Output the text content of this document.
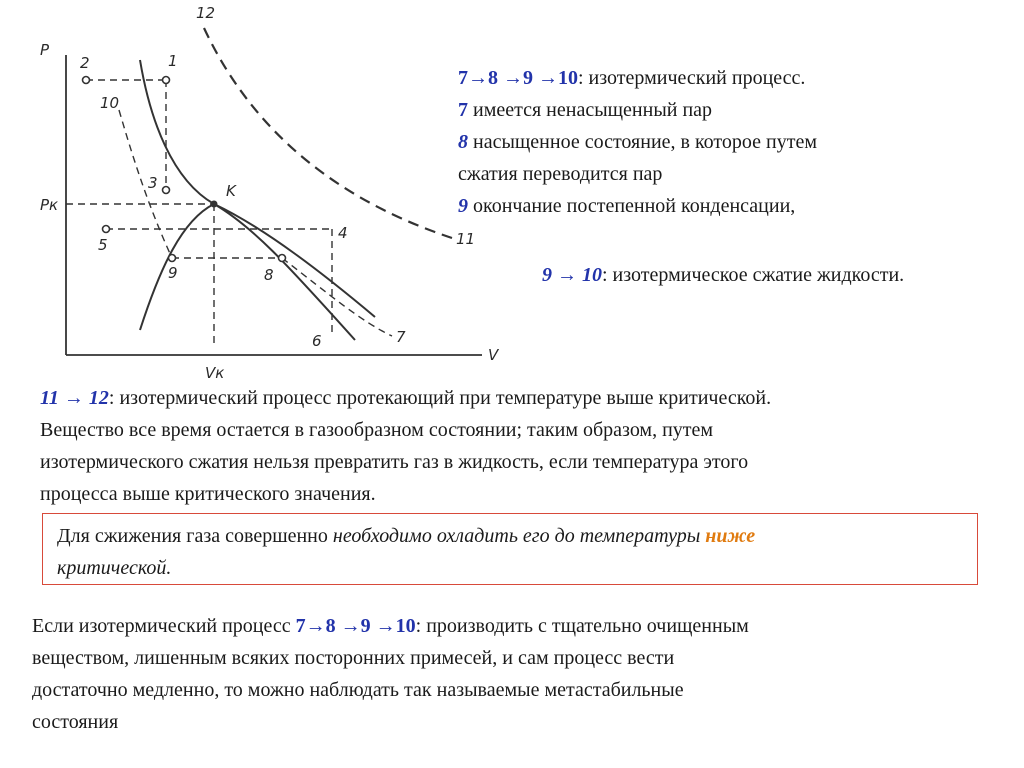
P
V
Pк
Vк
K
1
2
3
4
5
6	7
8
9
10
11
12
7→8 →9 →10: изотермический процесс.
7 имеется ненасыщенный пар
8 насыщенное состояние, в которое путем
сжатия переводится пар
9 окончание постепенной конденсации,
9 → 10: изотермическое сжатие жидкости.
11 → 12: изотермический процесс протекающий при температуре выше критической.
Вещество все время остается в газообразном состоянии; таким образом, путем
изотермического сжатия нельзя превратить газ в жидкость, если температура этого
процесса выше критического значения.
Для сжижения газа совершенно необходимо охладить его до температуры ниже
критической.
Если изотермический процесс 7→8 →9 →10: производить с тщательно очищенным
веществом, лишенным всяких посторонних примесей, и сам процесс вести
достаточно медленно, то можно наблюдать так называемые метастабильные
состояния
